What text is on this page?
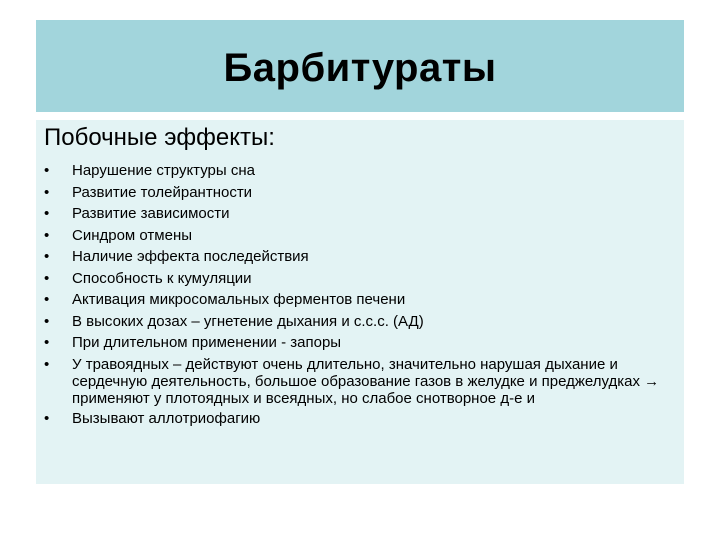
Барбитураты
Побочные эффекты:
•	Нарушение структуры сна
•	Развитие толейрантности
•	Развитие зависимости
•	Синдром отмены
•	Наличие эффекта последействия
•	Способность к кумуляции
•	Активация микросомальных ферментов печени
•	В высоких дозах – угнетение дыхания и с.с.с. (АД)
•	При длительном применении - запоры
•	У травоядных – действуют очень длительно, значительно нарушая дыхание и сердечную деятельность, большое образование газов в желудке и преджелудках → применяют у плотоядных и всеядных, но слабое снотворное д-е и
•	Вызывают аллотриофагию
